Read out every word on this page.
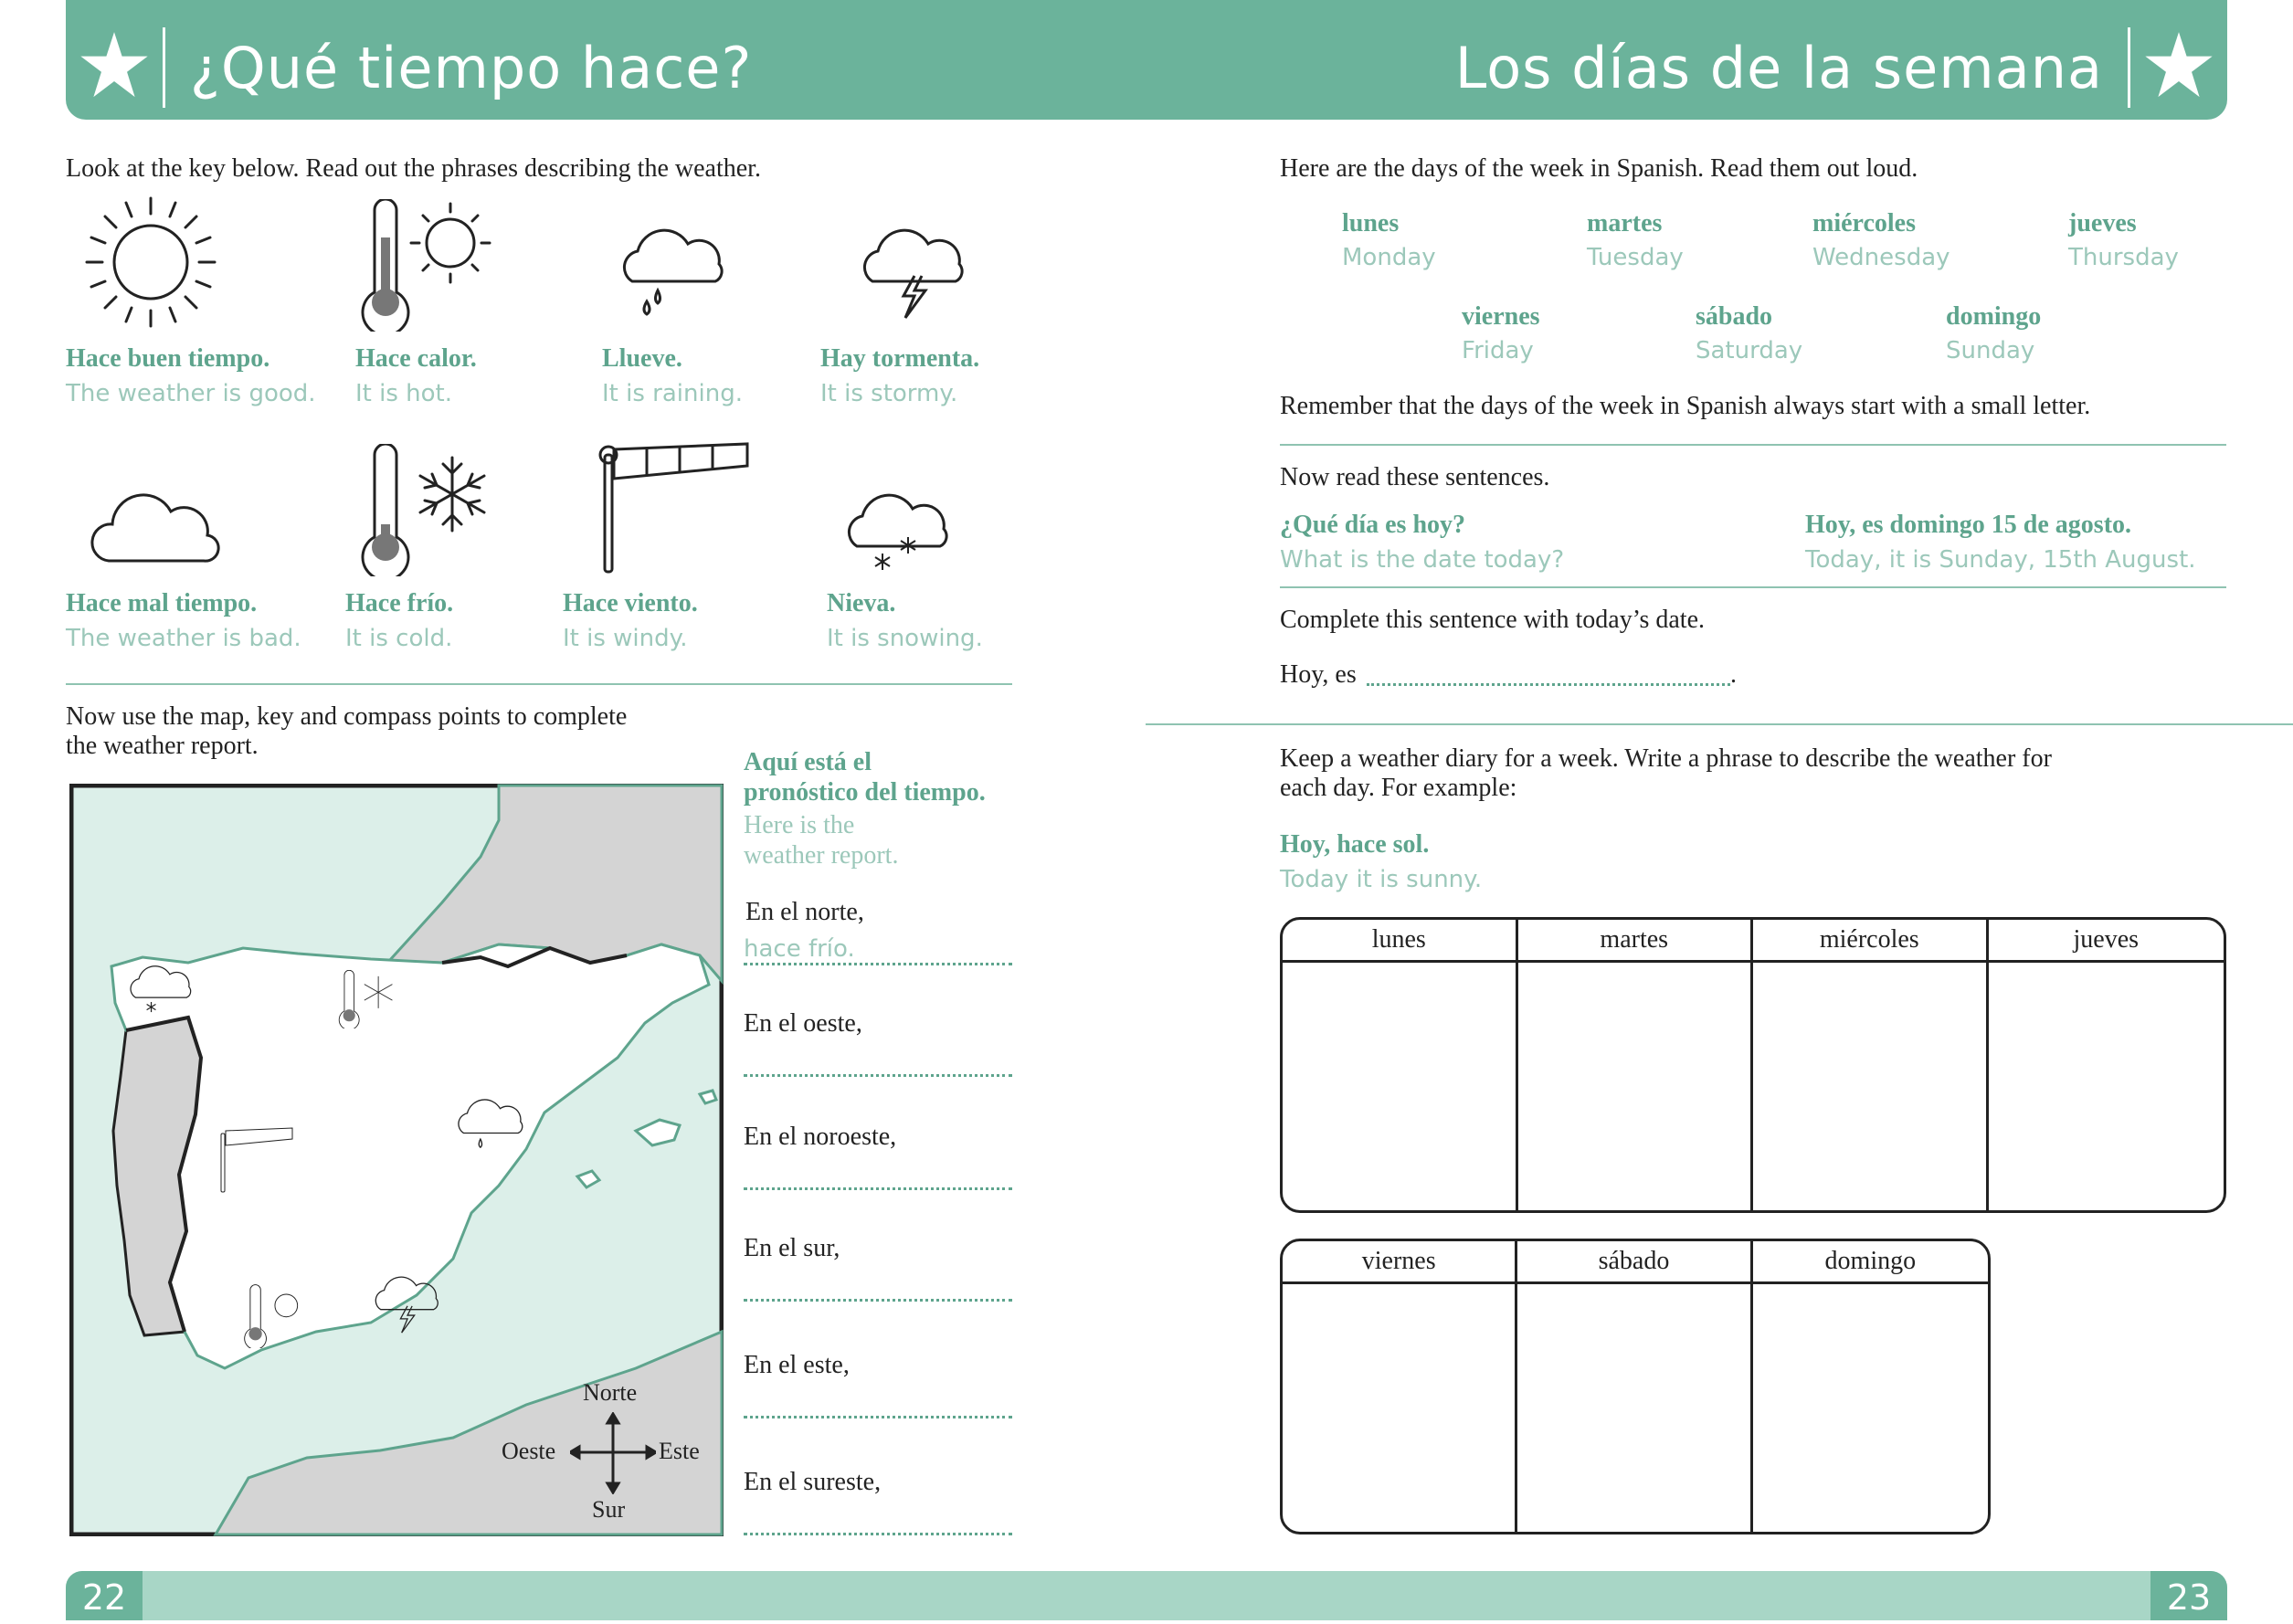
¿Qué tiempo hace?	Los días de la semana
Look at the key below. Read out the phrases describing the weather.
Hace buen tiempo.
The weather is good.
Hace calor.
It is hot.
Llueve.
It is raining.
Hay tormenta.
It is stormy.
Hace mal tiempo.
The weather is bad.
Hace frío.
It is cold.
Hace viento.
It is windy.
Nieva.
It is snowing.
Now use the map, key and compass points to complete
the weather report.
Norte
Sur
Oeste	Este
Aquí está el
pronóstico del tiempo.
Here is the
weather report.
En el norte,
hace frío.
En el oeste,
En el noroeste,
En el sur,
En el este,
En el sureste,
Here are the days of the week in Spanish. Read them out loud.
lunes
Monday
martes
Tuesday
miércoles
Wednesday
jueves
Thursday
viernes
Friday
sábado
Saturday
domingo
Sunday
Remember that the days of the week in Spanish always start with a small letter.
Now read these sentences.
¿Qué día es hoy?
What is the date today?
Hoy, es domingo 15 de agosto.
Today, it is Sunday, 15th August.
Complete this sentence with today’s date.
Hoy, es	.
Keep a weather diary for a week. Write a phrase to describe the weather for
each day. For example:
Hoy, hace sol.
Today it is sunny.
lunes	martes	miércoles	jueves

viernes	sábado	domingo

22	23
